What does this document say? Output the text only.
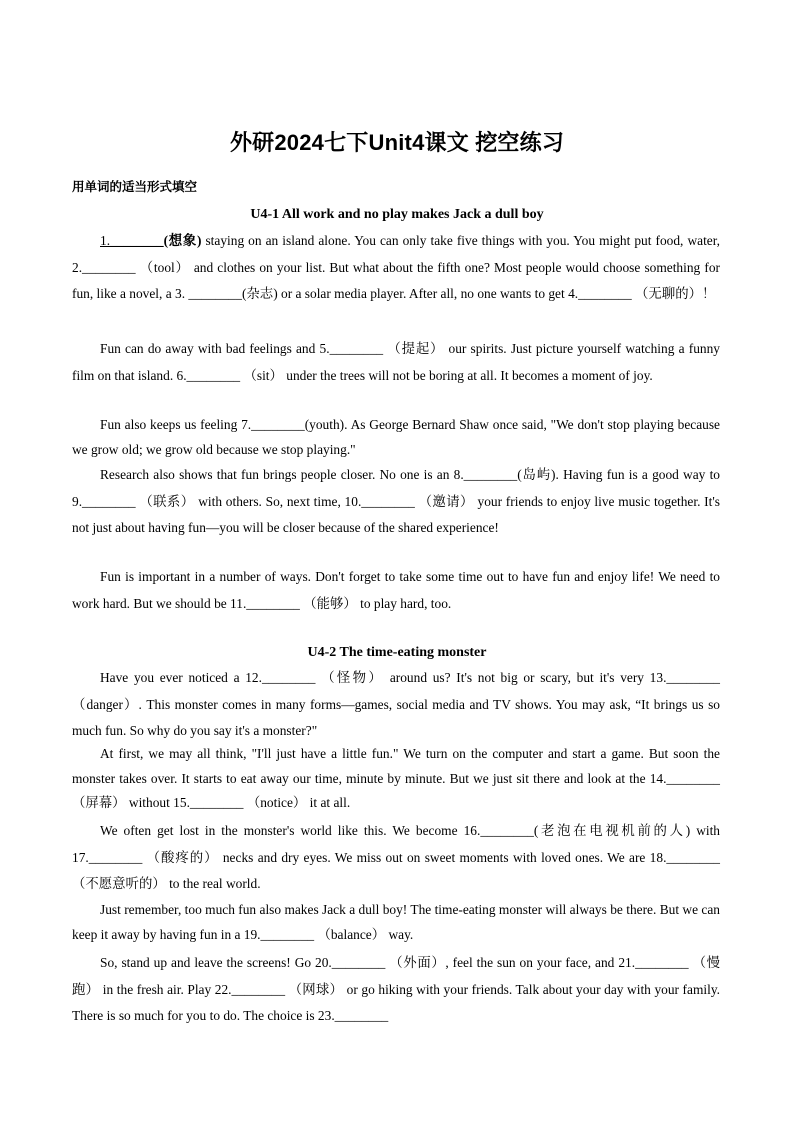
外研2024七下Unit4课文 挖空练习
用单词的适当形式填空
U4-1 All work and no play makes Jack a dull boy

1.________(想象) staying on an island alone. You can only take five things with you. You might put food, water, 2.________ （tool） and clothes on your list. But what about the fifth one? Most people would choose something for fun, like a novel, a 3. ________(杂志) or a solar media player. After all, no one wants to get 4.________ （无聊的）！

Fun can do away with bad feelings and 5.________ （提起） our spirits. Just picture yourself watching a funny film on that island. 6.________ （sit） under the trees will not be boring at all. It becomes a moment of joy.

Fun also keeps us feeling 7.________(youth). As George Bernard Shaw once said, "We don't stop playing because we grow old; we grow old because we stop playing."

Research also shows that fun brings people closer. No one is an 8.________(岛屿). Having fun is a good way to 9.________ （联系） with others. So, next time, 10.________ （邀请） your friends to enjoy live music together. It's not just about having fun—you will be closer because of the shared experience!

Fun is important in a number of ways. Don't forget to take some time out to have fun and enjoy life! We need to work hard. But we should be 11.________ （能够） to play hard, too.

U4-2 The time-eating monster

Have you ever noticed a 12.________ （怪物） around us? It's not big or scary, but it's very 13.________ （danger）. This monster comes in many forms—games, social media and TV shows. You may ask, “It brings us so much fun. So why do you say it's a monster?"

At first, we may all think, "I'll just have a little fun." We turn on the computer and start a game. But soon the monster takes over. It starts to eat away our time, minute by minute. But we just sit there and look at the 14.________ （屏幕） without 15.________ （notice） it at all.

We often get lost in the monster's world like this. We become 16.________(老泡在电视机前的人) with 17.________ （酸疼的） necks and dry eyes. We miss out on sweet moments with loved ones. We are 18.________ （不愿意听的） to the real world.

Just remember, too much fun also makes Jack a dull boy! The time-eating monster will always be there. But we can keep it away by having fun in a 19.________ （balance） way.

So, stand up and leave the screens! Go 20.________ （外面）, feel the sun on your face, and 21.________ （慢跑） in the fresh air. Play 22.________ （网球） or go hiking with your friends. Talk about your day with your family. There is so much for you to do. The choice is 23.________
